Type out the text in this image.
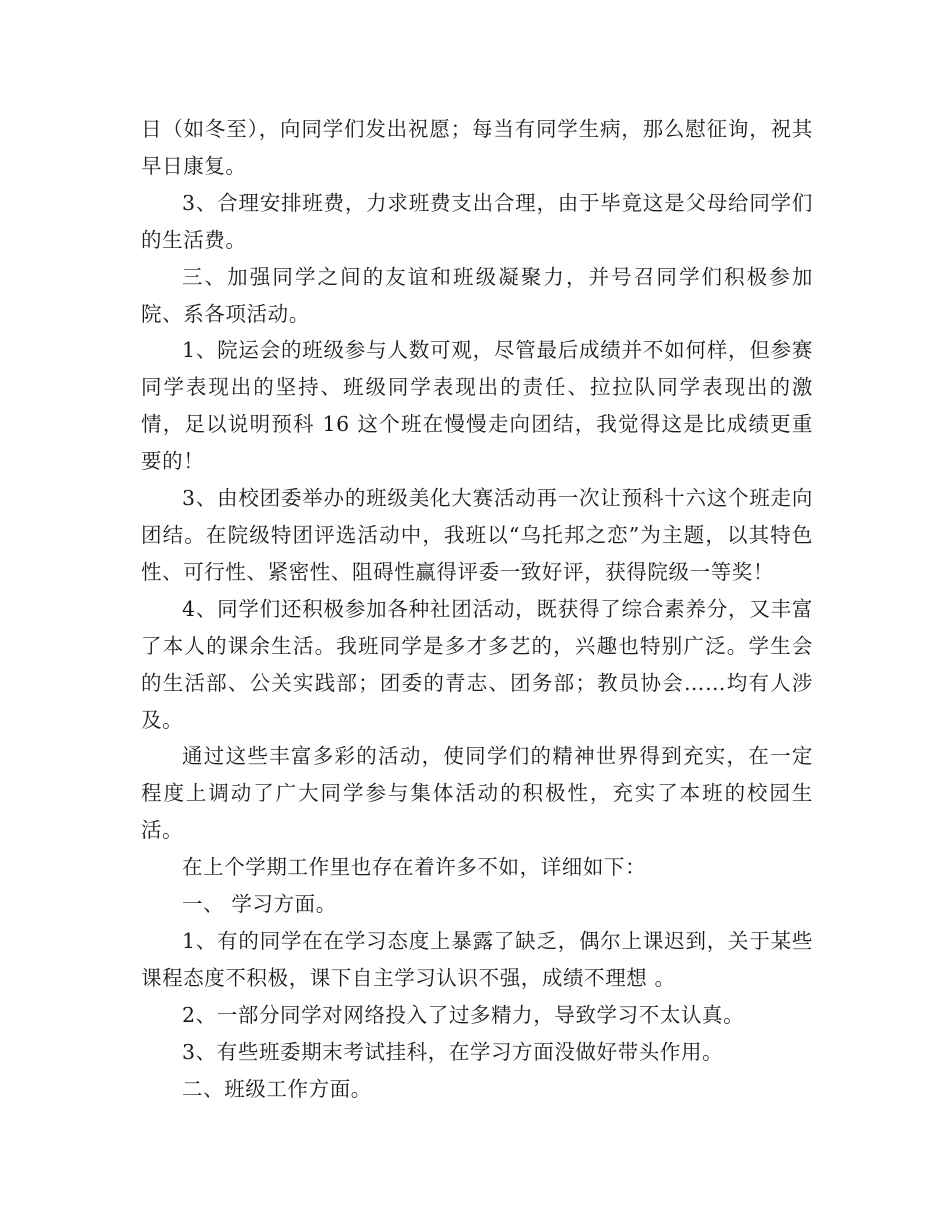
日（如冬至），向同学们发出祝愿；每当有同学生病，那么慰征询，祝其早日康复。

3、合理安排班费，力求班费支出合理，由于毕竟这是父母给同学们的生活费。

三、加强同学之间的友谊和班级凝聚力，并号召同学们积极参加院、系各项活动。

1、院运会的班级参与人数可观，尽管最后成绩并不如何样，但参赛同学表现出的坚持、班级同学表现出的责任、拉拉队同学表现出的激情，足以说明预科 16 这个班在慢慢走向团结，我觉得这是比成绩更重要的！

3、由校团委举办的班级美化大赛活动再一次让预科十六这个班走向团结。在院级特团评选活动中，我班以“乌托邦之恋”为主题，以其特色性、可行性、紧密性、阻碍性赢得评委一致好评，获得院级一等奖！

4、同学们还积极参加各种社团活动，既获得了综合素养分，又丰富了本人的课余生活。我班同学是多才多艺的，兴趣也特别广泛。学生会的生活部、公关实践部；团委的青志、团务部；教员协会……均有人涉及。

通过这些丰富多彩的活动，使同学们的精神世界得到充实，在一定程度上调动了广大同学参与集体活动的积极性，充实了本班的校园生活。

在上个学期工作里也存在着许多不如，详细如下：

一、 学习方面。

1、有的同学在在学习态度上暴露了缺乏，偶尔上课迟到，关于某些课程态度不积极，课下自主学习认识不强，成绩不理想 。

2、一部分同学对网络投入了过多精力，导致学习不太认真。

3、有些班委期末考试挂科，在学习方面没做好带头作用。

二、班级工作方面。
